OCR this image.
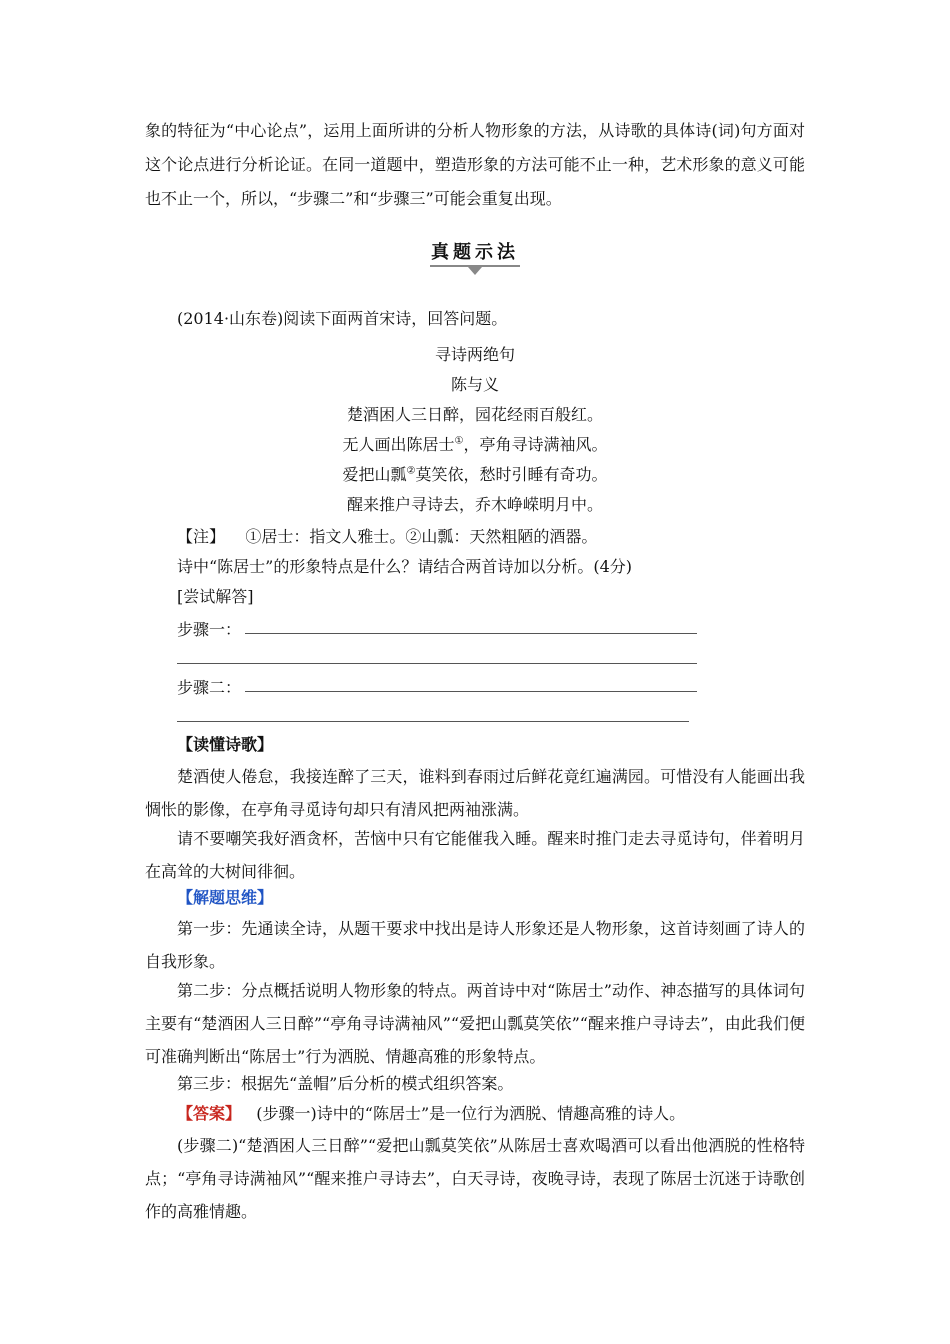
象的特征为“中心论点”，运用上面所讲的分析人物形象的方法，从诗歌的具体诗(词)句方面对这个论点进行分析论证。在同一道题中，塑造形象的方法可能不止一种，艺术形象的意义可能也不止一个，所以，“步骤二”和“步骤三”可能会重复出现。

真题示法
(2014·山东卷)阅读下面两首宋诗，回答问题。
寻诗两绝句
陈与义
楚酒困人三日醉，园花经雨百般红。
无人画出陈居士①，亭角寻诗满袖风。
爱把山瓢②莫笑依，愁时引睡有奇功。
醒来推户寻诗去，乔木峥嵘明月中。
【注】 ①居士：指文人雅士。②山瓢：天然粗陋的酒器。
诗中“陈居士”的形象特点是什么？请结合两首诗加以分析。(4分)
[尝试解答]
步骤一：
步骤二：
【读懂诗歌】

楚酒使人倦怠，我接连醉了三天，谁料到春雨过后鲜花竟红遍满园。可惜没有人能画出我惆怅的影像，在亭角寻觅诗句却只有清风把两袖涨满。

请不要嘲笑我好酒贪杯，苦恼中只有它能催我入睡。醒来时推门走去寻觅诗句，伴着明月在高耸的大树间徘徊。

【解题思维】

第一步：先通读全诗，从题干要求中找出是诗人形象还是人物形象，这首诗刻画了诗人的自我形象。

第二步：分点概括说明人物形象的特点。两首诗中对“陈居士”动作、神态描写的具体词句主要有“楚酒困人三日醉”“亭角寻诗满袖风”“爱把山瓢莫笑依”“醒来推户寻诗去”，由此我们便可准确判断出“陈居士”行为洒脱、情趣高雅的形象特点。

第三步：根据先“盖帽”后分析的模式组织答案。

【答案】 (步骤一)诗中的“陈居士”是一位行为洒脱、情趣高雅的诗人。

(步骤二)“楚酒困人三日醉”“爱把山瓢莫笑依”从陈居士喜欢喝酒可以看出他洒脱的性格特点；“亭角寻诗满袖风”“醒来推户寻诗去”，白天寻诗，夜晚寻诗，表现了陈居士沉迷于诗歌创作的高雅情趣。
